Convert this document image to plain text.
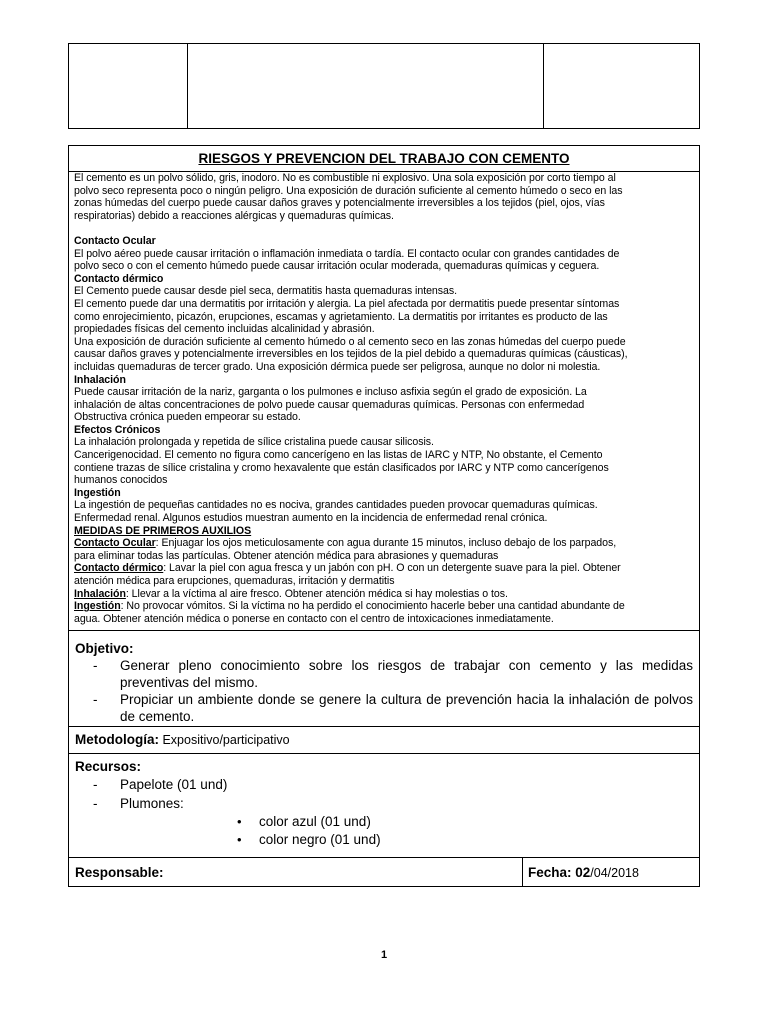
RIESGOS Y PREVENCION DEL TRABAJO CON CEMENTO

El cemento es un polvo sólido, gris, inodoro. No es combustible ni explosivo. Una sola exposición por corto tiempo al

polvo seco representa poco o ningún peligro. Una exposición de duración suficiente al cemento húmedo o seco en las

zonas húmedas del cuerpo puede causar daños graves y potencialmente irreversibles a los tejidos (piel, ojos, vías

respiratorias) debido a reacciones alérgicas y quemaduras químicas.

Contacto Ocular

El polvo aéreo puede causar irritación o inflamación inmediata o tardía. El contacto ocular con grandes cantidades de

polvo seco o con el cemento húmedo puede causar irritación ocular moderada, quemaduras químicas y ceguera.

Contacto dérmico

El Cemento puede causar desde piel seca, dermatitis hasta quemaduras intensas.

El cemento puede dar una dermatitis por irritación y alergia. La piel afectada por dermatitis puede presentar síntomas

como enrojecimiento, picazón, erupciones, escamas y agrietamiento. La dermatitis por irritantes es producto de las

propiedades físicas del cemento incluidas alcalinidad y abrasión.

Una exposición de duración suficiente al cemento húmedo o al cemento seco en las zonas húmedas del cuerpo puede

causar daños graves y potencialmente irreversibles en los tejidos de la piel debido a quemaduras químicas (cáusticas),

incluidas quemaduras de tercer grado. Una exposición dérmica puede ser peligrosa, aunque no dolor ni molestia.

Inhalación

Puede causar irritación de la nariz, garganta o los pulmones e incluso asfixia según el grado de exposición. La

inhalación de altas concentraciones de polvo puede causar quemaduras químicas. Personas con enfermedad

Obstructiva crónica pueden empeorar su estado.

Efectos Crónicos

La inhalación prolongada y repetida de sílice cristalina puede causar silicosis.

Cancerigenocidad. El cemento no figura como cancerígeno en las listas de IARC y NTP, No obstante, el Cemento

contiene trazas de sílice cristalina y cromo hexavalente que están clasificados por IARC y NTP como cancerígenos

humanos conocidos

Ingestión

La ingestión de pequeñas cantidades no es nociva, grandes cantidades pueden provocar quemaduras químicas.

Enfermedad renal. Algunos estudios muestran aumento en la incidencia de enfermedad renal crónica.

MEDIDAS DE PRIMEROS AUXILIOS

Contacto Ocular: Enjuagar los ojos meticulosamente con agua durante 15 minutos, incluso debajo de los parpados,

para eliminar todas las partículas. Obtener atención médica para abrasiones y quemaduras

Contacto dérmico: Lavar la piel con agua fresca y un jabón con pH. O con un detergente suave para la piel. Obtener

atención médica para erupciones, quemaduras, irritación y dermatitis

Inhalación: Llevar a la víctima al aire fresco. Obtener atención médica si hay molestias o tos.

Ingestión: No provocar vómitos. Si la víctima no ha perdido el conocimiento hacerle beber una cantidad abundante de

agua. Obtener atención médica o ponerse en contacto con el centro de intoxicaciones inmediatamente.

Objetivo:
- Generar pleno conocimiento sobre los riesgos de trabajar con cemento y las medidas preventivas del mismo.
- Propiciar un ambiente donde se genere la cultura de prevención hacia la inhalación de polvos de cemento.
Metodología: Expositivo/participativo
Recursos:
- Papelote (01 und)
- Plumones:
• color azul (01 und)
• color negro (01 und)
Responsable:	Fecha: 02/04/2018
1
